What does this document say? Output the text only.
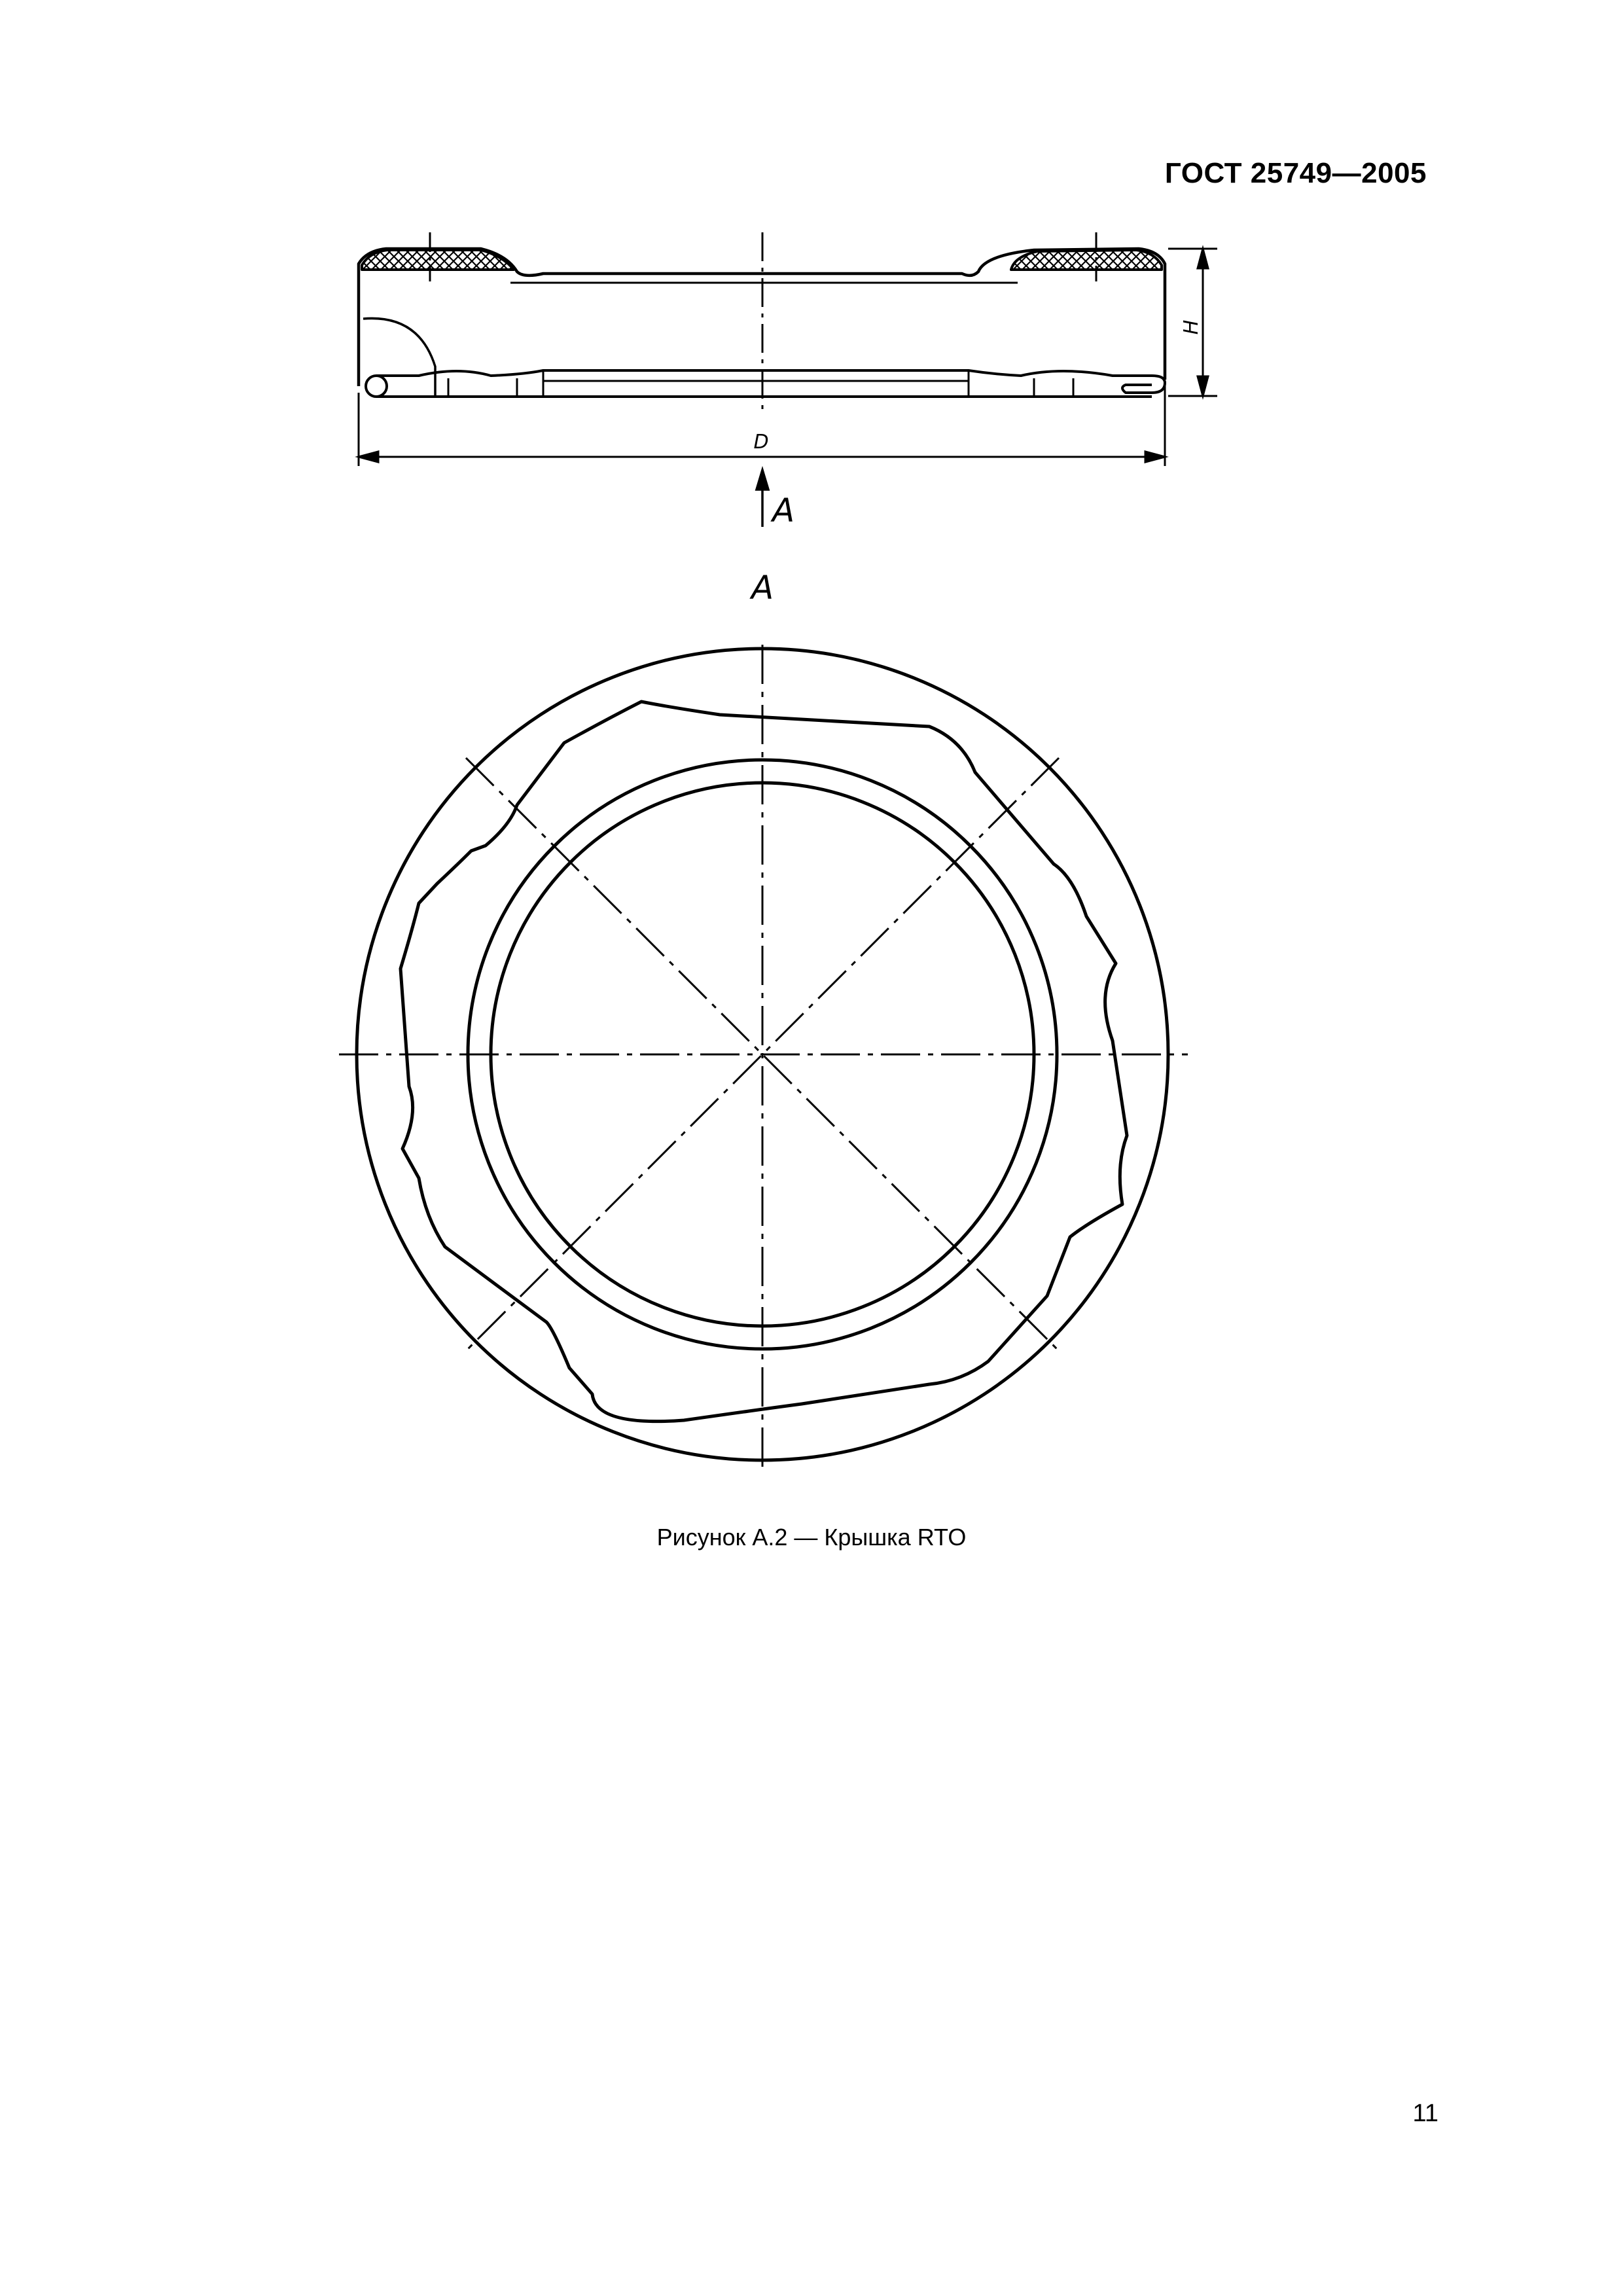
ГОСТ 25749—2005
H
D
A
A
Рисунок А.2 — Крышка RTO
11
